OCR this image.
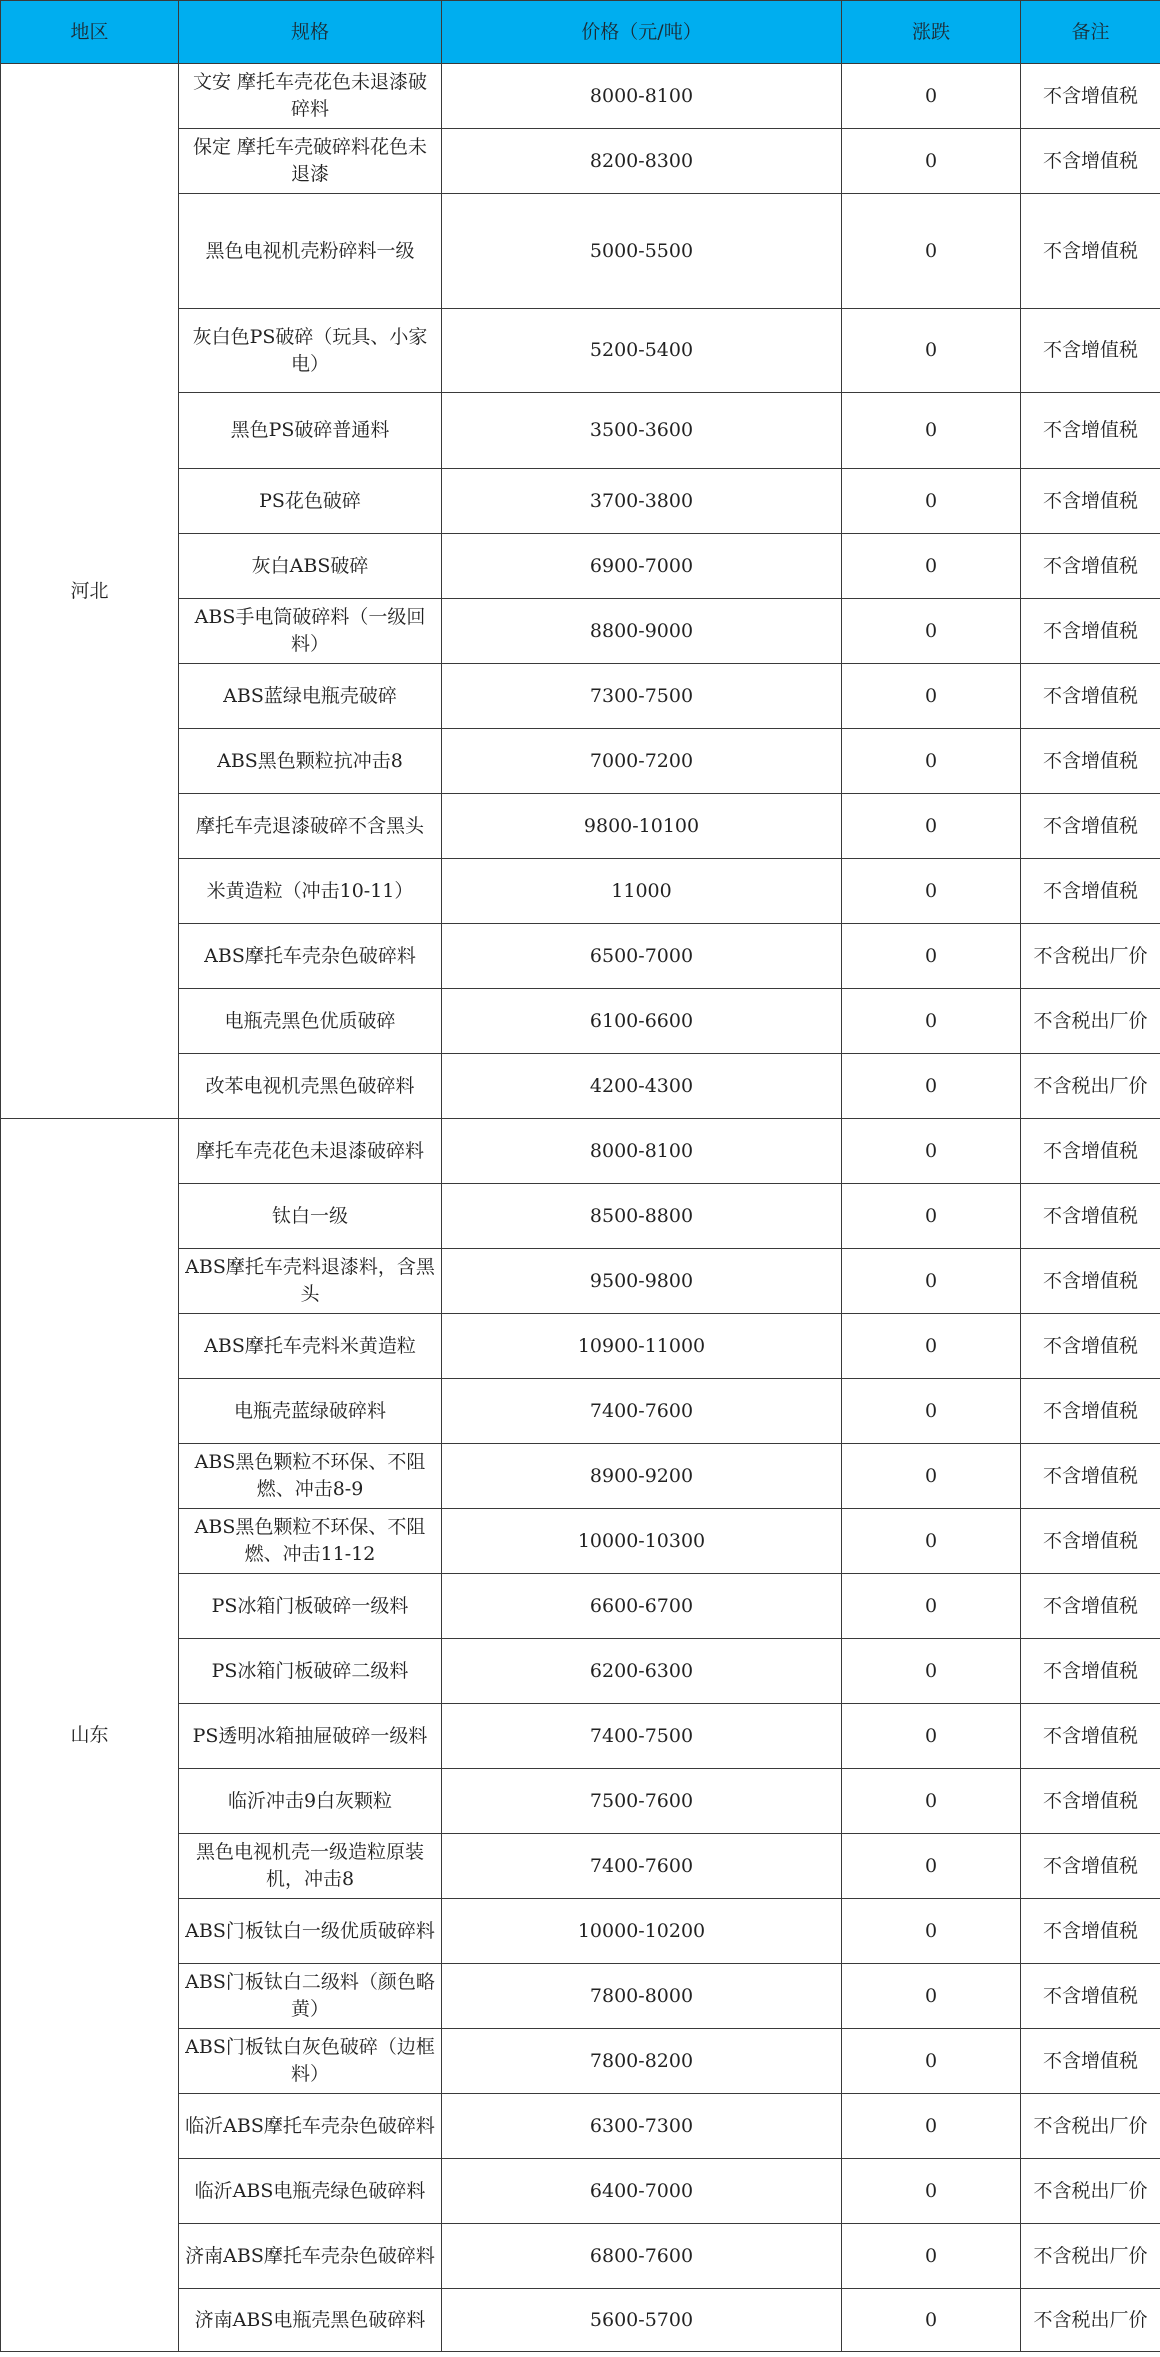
地区	规格	价格（元/吨）	涨跌	备注
河北	文安 摩托车壳花色未退漆破碎料	8000-8100	0	不含增值税
	保定 摩托车壳破碎料花色未退漆	8200-8300	0	不含增值税
	黑色电视机壳粉碎料一级	5000-5500	0	不含增值税
	灰白色PS破碎（玩具、小家电）	5200-5400	0	不含增值税
	黑色PS破碎普通料	3500-3600	0	不含增值税
	PS花色破碎	3700-3800	0	不含增值税
	灰白ABS破碎	6900-7000	0	不含增值税
	ABS手电筒破碎料（一级回料）	8800-9000	0	不含增值税
	ABS蓝绿电瓶壳破碎	7300-7500	0	不含增值税
	ABS黑色颗粒抗冲击8	7000-7200	0	不含增值税
	摩托车壳退漆破碎不含黑头	9800-10100	0	不含增值税
	米黄造粒（冲击10-11）	11000	0	不含增值税
	ABS摩托车壳杂色破碎料	6500-7000	0	不含税出厂价
	电瓶壳黑色优质破碎	6100-6600	0	不含税出厂价
	改苯电视机壳黑色破碎料	4200-4300	0	不含税出厂价
山东	摩托车壳花色未退漆破碎料	8000-8100	0	不含增值税
	钛白一级	8500-8800	0	不含增值税
	ABS摩托车壳料退漆料，含黑头	9500-9800	0	不含增值税
	ABS摩托车壳料米黄造粒	10900-11000	0	不含增值税
	电瓶壳蓝绿破碎料	7400-7600	0	不含增值税
	ABS黑色颗粒不环保、不阻燃、冲击8-9	8900-9200	0	不含增值税
	ABS黑色颗粒不环保、不阻燃、冲击11-12	10000-10300	0	不含增值税
	PS冰箱门板破碎一级料	6600-6700	0	不含增值税
	PS冰箱门板破碎二级料	6200-6300	0	不含增值税
	PS透明冰箱抽屉破碎一级料	7400-7500	0	不含增值税
	临沂冲击9白灰颗粒	7500-7600	0	不含增值税
	黑色电视机壳一级造粒原装机，冲击8	7400-7600	0	不含增值税
	ABS门板钛白一级优质破碎料	10000-10200	0	不含增值税
	ABS门板钛白二级料（颜色略黄）	7800-8000	0	不含增值税
	ABS门板钛白灰色破碎（边框料）	7800-8200	0	不含增值税
	临沂ABS摩托车壳杂色破碎料	6300-7300	0	不含税出厂价
	临沂ABS电瓶壳绿色破碎料	6400-7000	0	不含税出厂价
	济南ABS摩托车壳杂色破碎料	6800-7600	0	不含税出厂价
	济南ABS电瓶壳黑色破碎料	5600-5700	0	不含税出厂价
